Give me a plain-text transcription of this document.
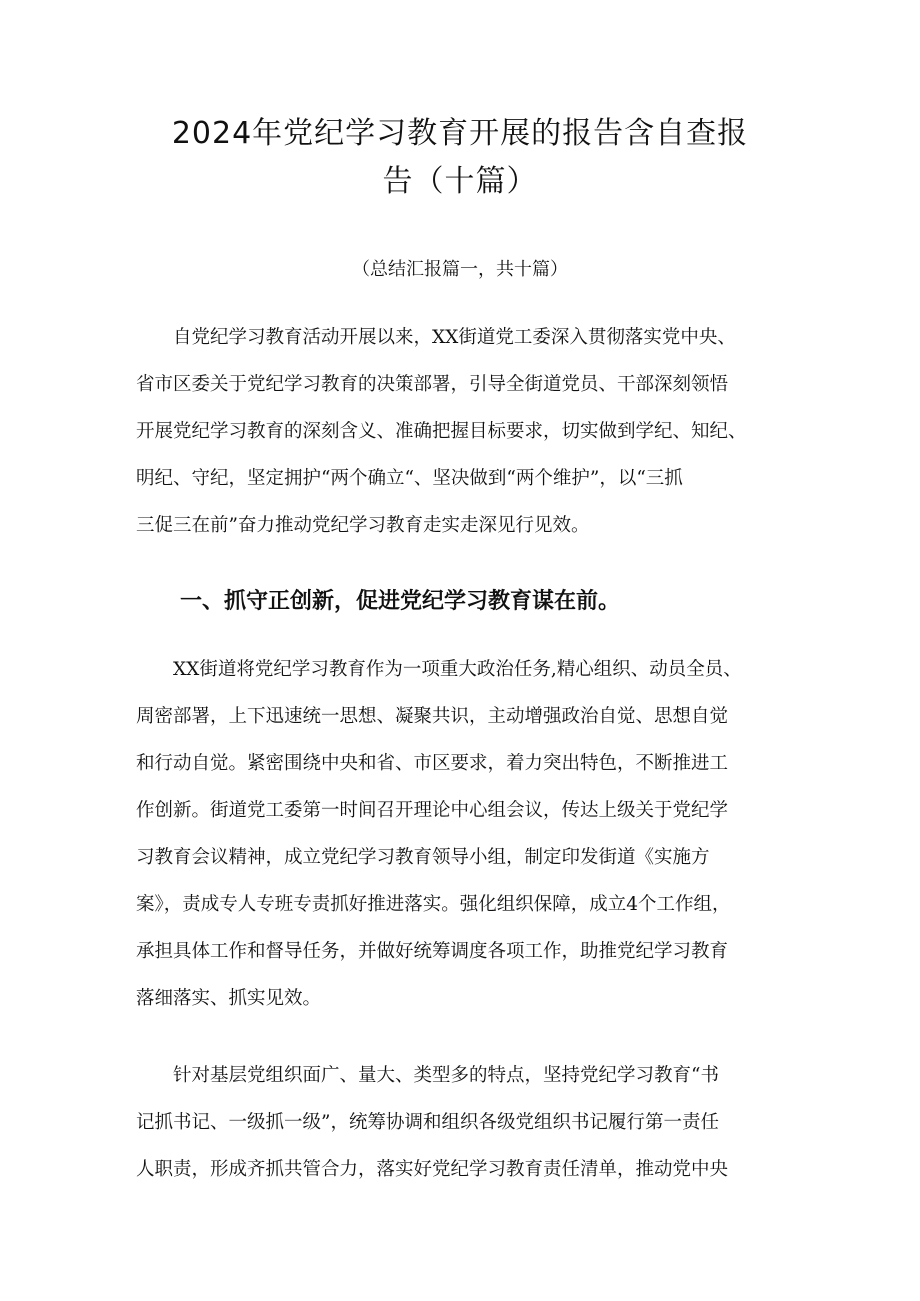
2024年党纪学习教育开展的报告含自查报
告（十篇）

（总结汇报篇一，共十篇）

　　自党纪学习教育活动开展以来，XX街道党工委深入贯彻落实党中央、

省市区委关于党纪学习教育的决策部署，引导全街道党员、干部深刻领悟

开展党纪学习教育的深刻含义、准确把握目标要求，切实做到学纪、知纪、

明纪、守纪，坚定拥护“两个确立“、坚决做到“两个维护”，以“三抓

三促三在前”奋力推动党纪学习教育走实走深见行见效。

　　一、抓守正创新，促进党纪学习教育谋在前。

　　XX街道将党纪学习教育作为一项重大政治任务,精心组织、动员全员、

周密部署，上下迅速统一思想、凝聚共识，主动增强政治自觉、思想自觉

和行动自觉。紧密围绕中央和省、市区要求，着力突出特色，不断推进工

作创新。街道党工委第一时间召开理论中心组会议，传达上级关于党纪学

习教育会议精神，成立党纪学习教育领导小组，制定印发街道《实施方

案》，责成专人专班专责抓好推进落实。强化组织保障，成立4个工作组，

承担具体工作和督导任务，并做好统筹调度各项工作，助推党纪学习教育

落细落实、抓实见效。

　　针对基层党组织面广、量大、类型多的特点，坚持党纪学习教育“书

记抓书记、一级抓一级”，统筹协调和组织各级党组织书记履行第一责任

人职责，形成齐抓共管合力，落实好党纪学习教育责任清单，推动党中央
